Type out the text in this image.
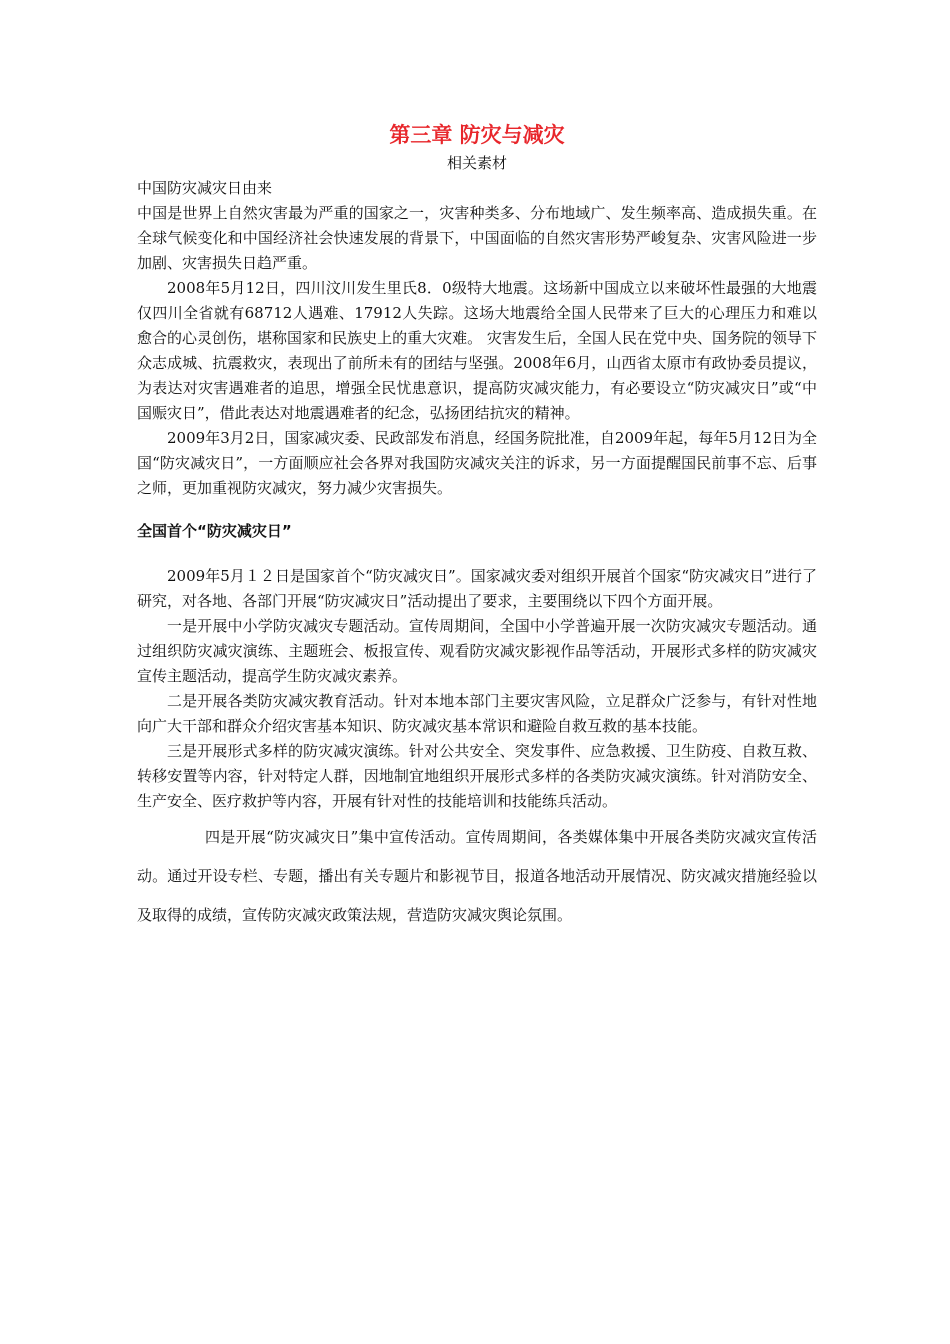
第三章 防灾与减灾
相关素材
中国防灾减灾日由来

中国是世界上自然灾害最为严重的国家之一，灾害种类多、分布地域广、发生频率高、造成损失重。在全球气候变化和中国经济社会快速发展的背景下，中国面临的自然灾害形势严峻复杂、灾害风险进一步加剧、灾害损失日趋严重。

2008年5月12日，四川汶川发生里氏8．0级特大地震。这场新中国成立以来破坏性最强的大地震仅四川全省就有68712人遇难、17912人失踪。这场大地震给全国人民带来了巨大的心理压力和难以愈合的心灵创伤，堪称国家和民族史上的重大灾难。 灾害发生后，全国人民在党中央、国务院的领导下众志成城、抗震救灾，表现出了前所未有的团结与坚强。2008年6月，山西省太原市有政协委员提议，为表达对灾害遇难者的追思，增强全民忧患意识，提高防灾减灾能力，有必要设立“防灾减灾日”或“中国赈灾日”，借此表达对地震遇难者的纪念，弘扬团结抗灾的精神。

2009年3月2日，国家减灾委、民政部发布消息，经国务院批准，自2009年起，每年5月12日为全国“防灾减灾日”，一方面顺应社会各界对我国防灾减灾关注的诉求，另一方面提醒国民前事不忘、后事之师，更加重视防灾减灾，努力减少灾害损失。

全国首个“防灾减灾日”

2009年5月１２日是国家首个“防灾减灾日”。国家减灾委对组织开展首个国家“防灾减灾日”进行了研究，对各地、各部门开展“防灾减灾日”活动提出了要求，主要围绕以下四个方面开展。

一是开展中小学防灾减灾专题活动。宣传周期间，全国中小学普遍开展一次防灾减灾专题活动。通过组织防灾减灾演练、主题班会、板报宣传、观看防灾减灾影视作品等活动，开展形式多样的防灾减灾宣传主题活动，提高学生防灾减灾素养。

二是开展各类防灾减灾教育活动。针对本地本部门主要灾害风险，立足群众广泛参与，有针对性地向广大干部和群众介绍灾害基本知识、防灾减灾基本常识和避险自救互救的基本技能。

三是开展形式多样的防灾减灾演练。针对公共安全、突发事件、应急救援、卫生防疫、自救互救、转移安置等内容，针对特定人群，因地制宜地组织开展形式多样的各类防灾减灾演练。针对消防安全、生产安全、医疗救护等内容，开展有针对性的技能培训和技能练兵活动。

四是开展“防灾减灾日”集中宣传活动。宣传周期间，各类媒体集中开展各类防灾减灾宣传活动。通过开设专栏、专题，播出有关专题片和影视节目，报道各地活动开展情况、防灾减灾措施经验以及取得的成绩，宣传防灾减灾政策法规，营造防灾减灾舆论氛围。
